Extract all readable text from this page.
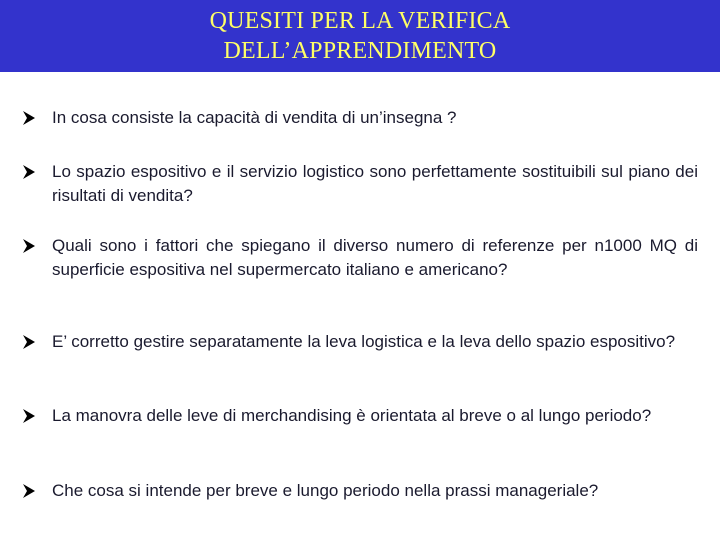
QUESITI PER LA VERIFICA
DELL’APPRENDIMENTO
In cosa consiste la capacità di vendita di un’insegna ?
Lo spazio espositivo e il servizio logistico sono perfettamente sostituibili sul piano dei risultati di vendita?
Quali sono i fattori che spiegano il diverso numero di referenze per n1000 MQ di superficie espositiva nel supermercato italiano e americano?
E’ corretto gestire separatamente la leva logistica e la leva dello spazio espositivo?
La manovra delle leve di merchandising è orientata al breve o al lungo periodo?
Che cosa si intende per breve e lungo periodo nella prassi manageriale?
